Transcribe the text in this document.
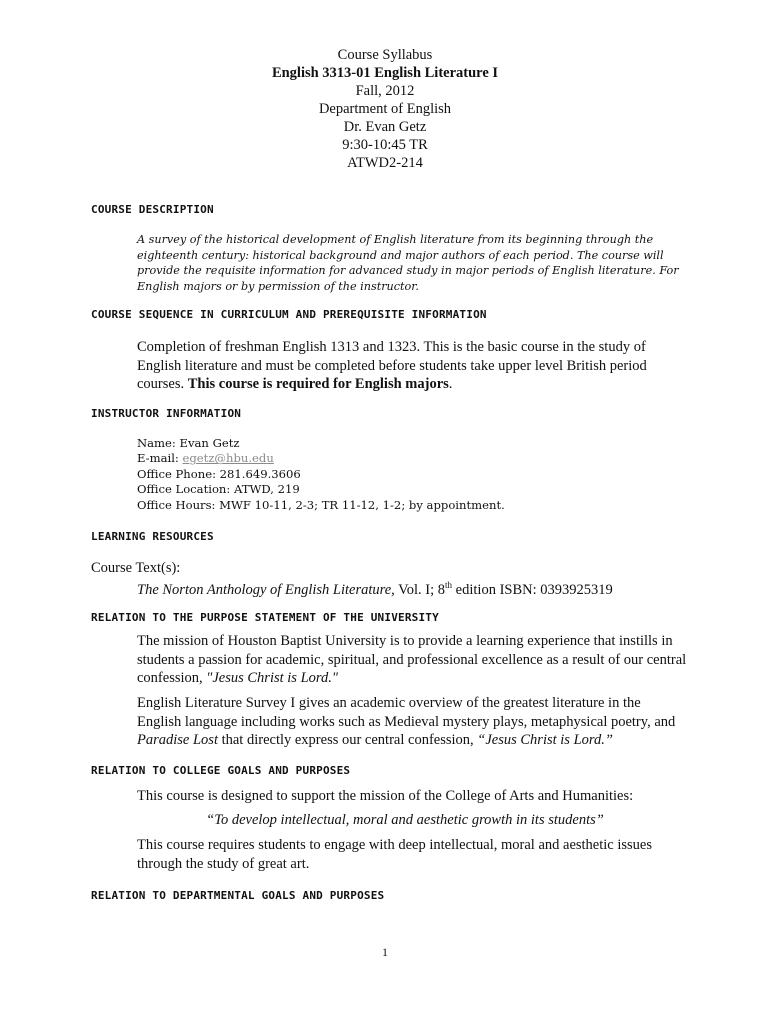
Course Syllabus
English 3313-01 English Literature I
Fall, 2012
Department of English
Dr. Evan Getz
9:30-10:45 TR
ATWD2-214
COURSE DESCRIPTION
A survey of the historical development of English literature from its beginning through the eighteenth century: historical background and major authors of each period. The course will provide the requisite information for advanced study in major periods of English literature. For English majors or by permission of the instructor.
COURSE SEQUENCE IN CURRICULUM AND PREREQUISITE INFORMATION
Completion of freshman English 1313 and 1323. This is the basic course in the study of English literature and must be completed before students take upper level British period courses. This course is required for English majors.
INSTRUCTOR INFORMATION
Name: Evan Getz
E-mail: egetz@hbu.edu
Office Phone: 281.649.3606
Office Location: ATWD, 219
Office Hours: MWF 10-11, 2-3; TR 11-12, 1-2; by appointment.
LEARNING RESOURCES
Course Text(s):
The Norton Anthology of English Literature, Vol. I; 8th edition ISBN: 0393925319
RELATION TO THE PURPOSE STATEMENT OF THE UNIVERSITY
The mission of Houston Baptist University is to provide a learning experience that instills in students a passion for academic, spiritual, and professional excellence as a result of our central confession, "Jesus Christ is Lord."
English Literature Survey I gives an academic overview of the greatest literature in the English language including works such as Medieval mystery plays, metaphysical poetry, and Paradise Lost that directly express our central confession, “Jesus Christ is Lord.”
RELATION TO COLLEGE GOALS AND PURPOSES
This course is designed to support the mission of the College of Arts and Humanities:
“To develop intellectual, moral and aesthetic growth in its students”
This course requires students to engage with deep intellectual, moral and aesthetic issues through the study of great art.
RELATION TO DEPARTMENTAL GOALS AND PURPOSES
1
